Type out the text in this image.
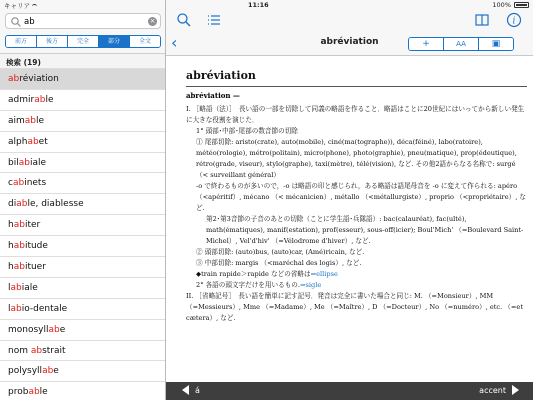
キャリア
ab
×
前方	後方	完全	部分	全文
検索 (19)
abréviation
admirable
aimable
alphabet
bilabiale
cabinets
diable, diablesse
habiter
habitude
habituer
labiale
labio-dentale
monosyllabe
nom abstrait
polysyllabe
probable
11:16	100%
i
‹	abréviation	+	AA	▣
abréviation
abréviation —
I. ［略語（法）］　長い語の一部を切除して同義の略語を作ること．略語はことに20世紀にはいってから新しい発生に大きな役割を演じた．
1° 頭部･中部･尾部の数音節の切除
① 尾部切除: aristo(crate), auto(mobile), ciné(ma(tographe)), déca(féiné), labo(ratoire), météo(rologie), métro(politain), micro(phone), photo(graphie), pneu(matique), prop(édeutique), rétro(grade, viseur), stylo(graphe), taxi(mètre), télé(vision), など. その他2語からなる名称で: surgé （< surveillant général）
-o で終わるものが多いので，-o は略語の印と感じられ，ある略語は語尾母音を -o に変えて作られる: apéro （<apéritif）, mécano （< mécanicien）, métallo （<métallurgiste）, proprio （<propriétaire）, など.
第2･第3音節の子音のあとの切除（ことに学生語･兵隊語）: bac(calauréat), fac(ulté), math(ématiques), manif(estation), prof(esseur), sous-off(icier); Boul'Mich' （=Boulevard Saint-Michel）, Vel'd'hiv' （=Vélodrome d'hiver）, など.
② 頭部切除: (auto)bus, (auto)car, (Amé)ricain, など.
③ 中部切除: margis （<maréchal des logis）, など.
◆train rapide＞rapide などの省略は⇒ellipse
2° 各語の頭文字だけを用いるもの.⇒sigle
II. ［省略記号］　長い語を簡単に記す記号．発音は完全に書いた場合と同じ: M. （=Monsieur）, MM （=Messieurs）, Mme （=Madame）, Me （=Maître）, D （=Docteur）, No （=numéro）, etc. （=et cætera）, など.
á	accent
